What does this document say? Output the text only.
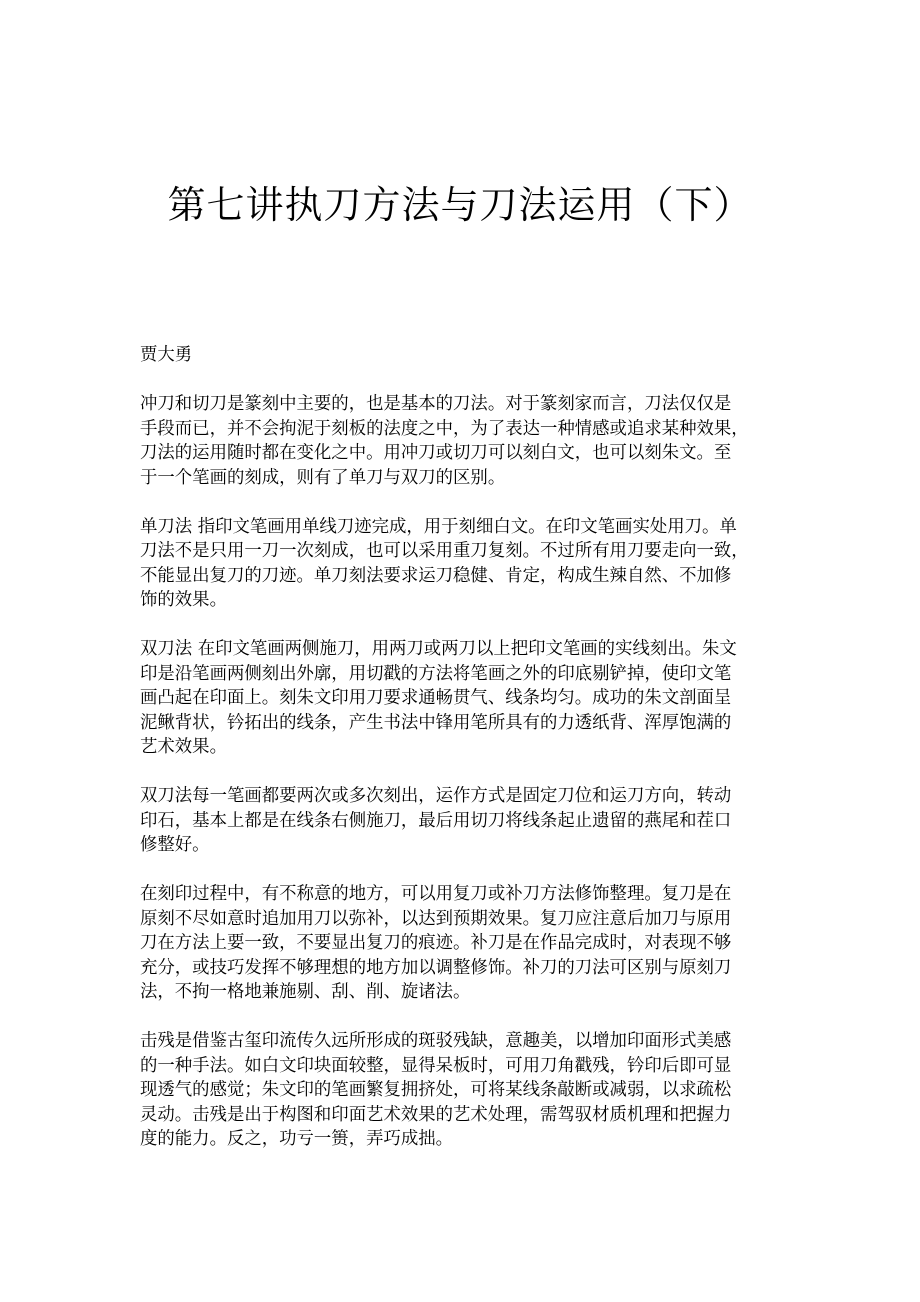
第七讲执刀方法与刀法运用（下）
贾大勇
冲刀和切刀是篆刻中主要的，也是基本的刀法。对于篆刻家而言，刀法仅仅是
手段而已，并不会拘泥于刻板的法度之中，为了表达一种情感或追求某种效果，
刀法的运用随时都在变化之中。用冲刀或切刀可以刻白文，也可以刻朱文。至
于一个笔画的刻成，则有了单刀与双刀的区别。
单刀法 指印文笔画用单线刀迹完成，用于刻细白文。在印文笔画实处用刀。单
刀法不是只用一刀一次刻成，也可以采用重刀复刻。不过所有用刀要走向一致，
不能显出复刀的刀迹。单刀刻法要求运刀稳健、肯定，构成生辣自然、不加修
饰的效果。
双刀法 在印文笔画两侧施刀，用两刀或两刀以上把印文笔画的实线刻出。朱文
印是沿笔画两侧刻出外廓，用切戳的方法将笔画之外的印底剔铲掉，使印文笔
画凸起在印面上。刻朱文印用刀要求通畅贯气、线条均匀。成功的朱文剖面呈
泥鳅背状，钤拓出的线条，产生书法中锋用笔所具有的力透纸背、浑厚饱满的
艺术效果。
双刀法每一笔画都要两次或多次刻出，运作方式是固定刀位和运刀方向，转动
印石，基本上都是在线条右侧施刀，最后用切刀将线条起止遗留的燕尾和茬口
修整好。
在刻印过程中，有不称意的地方，可以用复刀或补刀方法修饰整理。复刀是在
原刻不尽如意时追加用刀以弥补，以达到预期效果。复刀应注意后加刀与原用
刀在方法上要一致，不要显出复刀的痕迹。补刀是在作品完成时，对表现不够
充分，或技巧发挥不够理想的地方加以调整修饰。补刀的刀法可区别与原刻刀
法，不拘一格地兼施剔、刮、削、旋诸法。
击残是借鉴古玺印流传久远所形成的斑驳残缺，意趣美，以增加印面形式美感
的一种手法。如白文印块面较整，显得呆板时，可用刀角戳残，钤印后即可显
现透气的感觉；朱文印的笔画繁复拥挤处，可将某线条敲断或减弱，以求疏松
灵动。击残是出于构图和印面艺术效果的艺术处理，需驾驭材质机理和把握力
度的能力。反之，功亏一篑，弄巧成拙。
